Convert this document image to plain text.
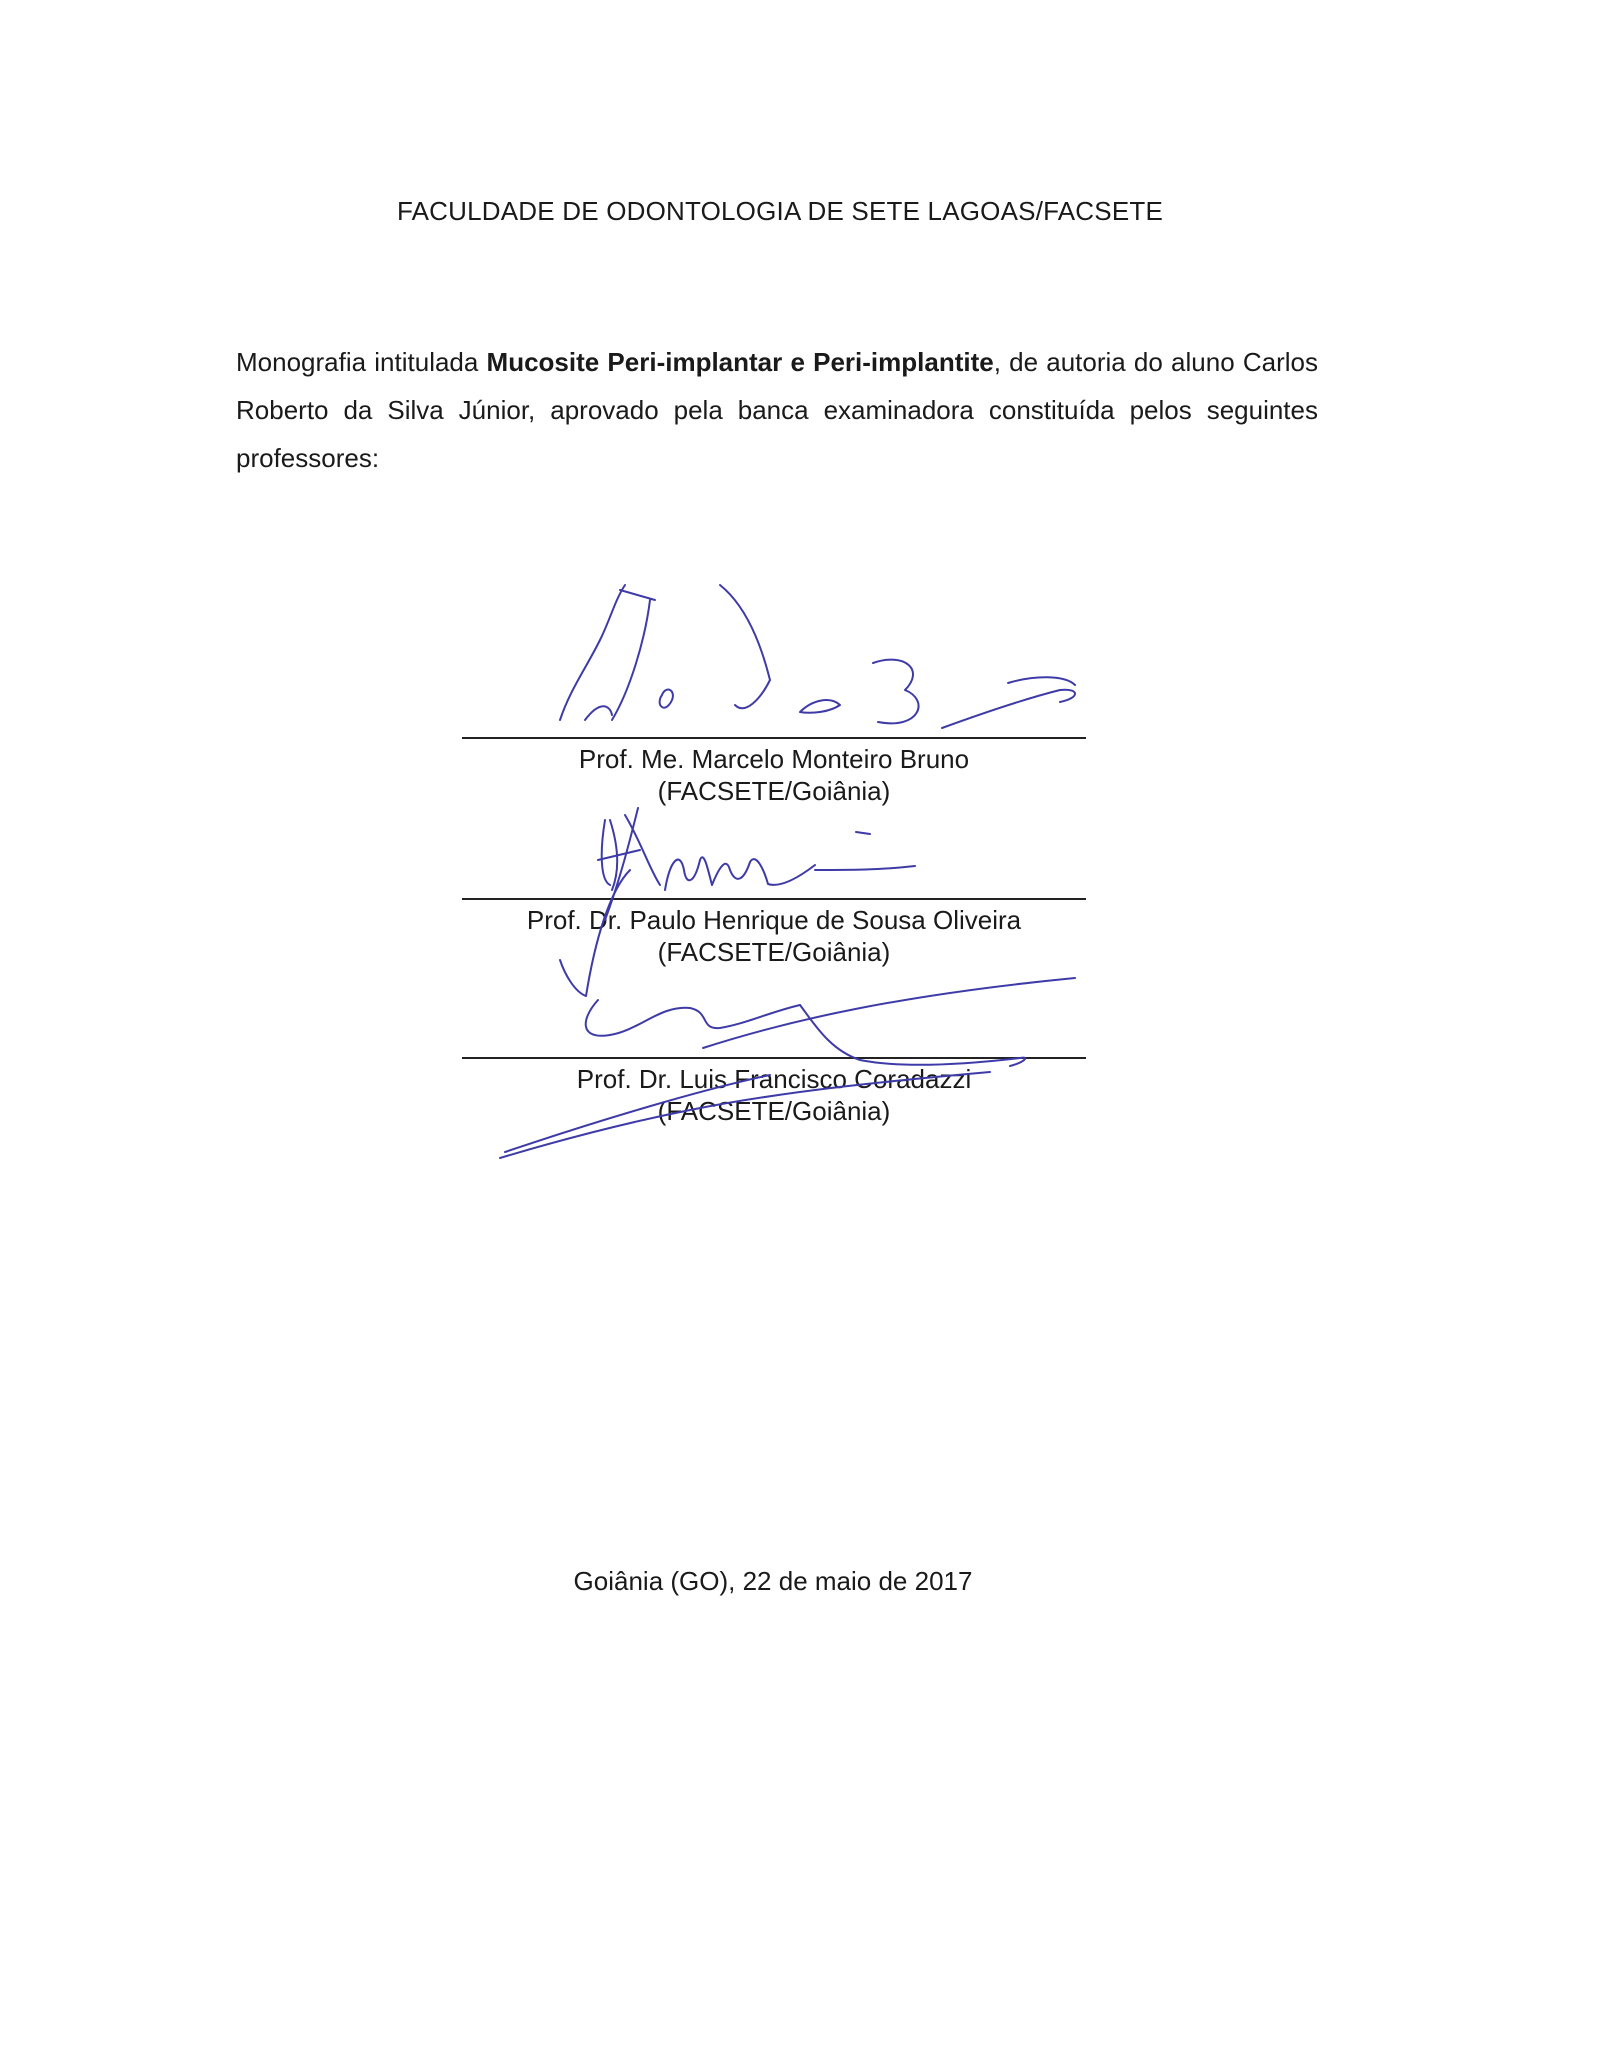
FACULDADE DE ODONTOLOGIA DE SETE LAGOAS/FACSETE
Monografia intitulada Mucosite Peri-implantar e Peri-implantite, de autoria do aluno Carlos Roberto da Silva Júnior, aprovado pela banca examinadora constituída pelos seguintes professores:
Prof. Me. Marcelo Monteiro Bruno
(FACSETE/Goiânia)
Prof. Dr. Paulo Henrique de Sousa Oliveira
(FACSETE/Goiânia)
Prof. Dr. Luis Francisco Coradazzi
(FACSETE/Goiânia)
Goiânia (GO), 22 de maio de 2017
